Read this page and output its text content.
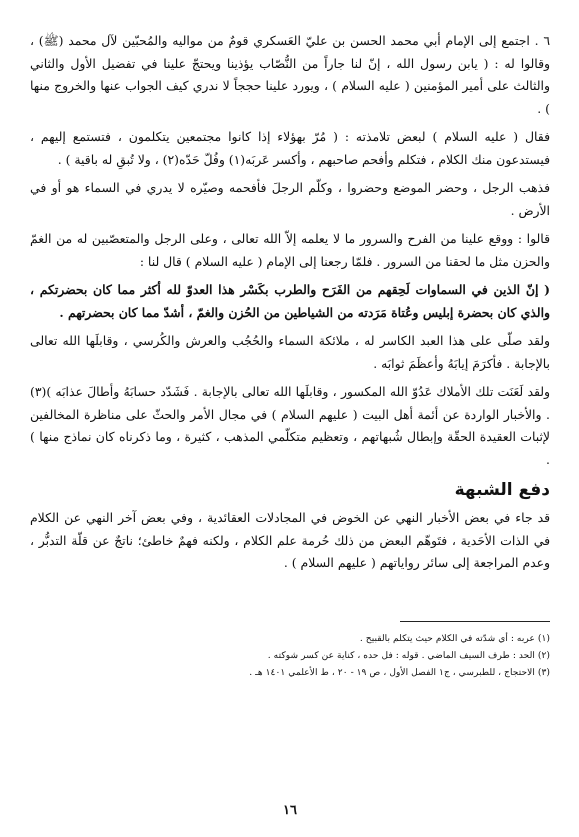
٦ . اجتمع إلى الإمام أبي محمد الحسن بن عليّ العَسكري قومٌ من مواليه والمُحبّين لآل محمد (ﷺ) ، وقالوا له : ( يابن رسول الله ، إنّ لنا جاراً من النُّصّاب يؤذينا ويحتجّ علينا في تفضيل الأول والثاني والثالث على أمير المؤمنين ( عليه السلام ) ، ويورد علينا حججاً لا ندري كيف الجواب عنها والخروج منها ) .

فقال ( عليه السلام ) لبعض تلامذته : ( مُرّ بهؤلاء إذا كانوا مجتمعين يتكلمون ، فتستمع إليهم ، فيستدعون منك الكلام ، فتكلم وأفحم صاحبهم ، وأكسر عَربَه(١) وفُلّ حَدّه(٢) ، ولا تُبقِ له باقية ) .

فذهب الرجل ، وحضر الموضع وحضروا ، وكلّم الرجلَ فأفحمه وصيّره لا يدري في السماء هو أو في الأرض .

قالوا : ووقع علينا من الفرح والسرور ما لا يعلمه إلاّ الله تعالى ، وعلى الرجل والمتعصّبين له من الغمّ والحزن مثل ما لحقنا من السرور . فلمّا رجعنا إلى الإمام ( عليه السلام ) قال لنا :

( إنّ الذين في السماوات لَحِقهم من الفَرَح والطرب بكَسْر هذا العدوّ لله أكثر مما كان بحضرتكم ، والذي كان بحضرة إبليس وعُتاة مَرَدته من الشياطين من الحُزن والغمّ ، أشدّ مما كان بحضرتهم .

ولقد صلّى على هذا العبد الكاسر له ، ملائكة السماء والحُجُب والعرش والكُرسي ، وقابلَها الله تعالى بالإجابة . فأكرَمَ إيابَهُ وأعظَمَ ثوابَه .

ولقد لَعَنَت تلك الأملاك عَدُوّ الله المكسور ، وقابلَها الله تعالى بالإجابة . فَشَدّد حسابَهُ وأطالَ عذابَه )(٣) . والأخبار الواردة عن أئمة أهل البيت ( عليهم السلام ) في مجال الأمر والحثّ على مناظرة المخالفين لإثبات العقيدة الحقّة وإبطال شُبهاتهم ، وتعظيم متكلّمي المذهب ، كثيرة ، وما ذكرناه كان نماذج منها ) .

دفع الشبهة

قد جاء في بعض الأخبار النهي عن الخوض في المجادلات العقائدية ، وفي بعض آخر النهي عن الكلام في الذات الأحَدية ، فتَوهّم البعض من ذلك حُرمة علم الكلام ، ولكنه فهمٌ خاطئ؛ ناتجٌ عن قلّة التدبُّر ، وعدم المراجعة إلى سائر رواياتهم ( عليهم السلام ) .

(١) عربه : أي شدّته في الكلام حيث يتكلم بالقبيح .

(٢) الحد : طرف السيف الماضي . قوله : فل حده ، كناية عن كسر شوكته .

(٣) الاحتجاج ، للطبرسي ، ج١ الفصل الأول ، ص ١٩ - ٢٠ ، ط الأعلمي ١٤٠١ هـ .

١٦
